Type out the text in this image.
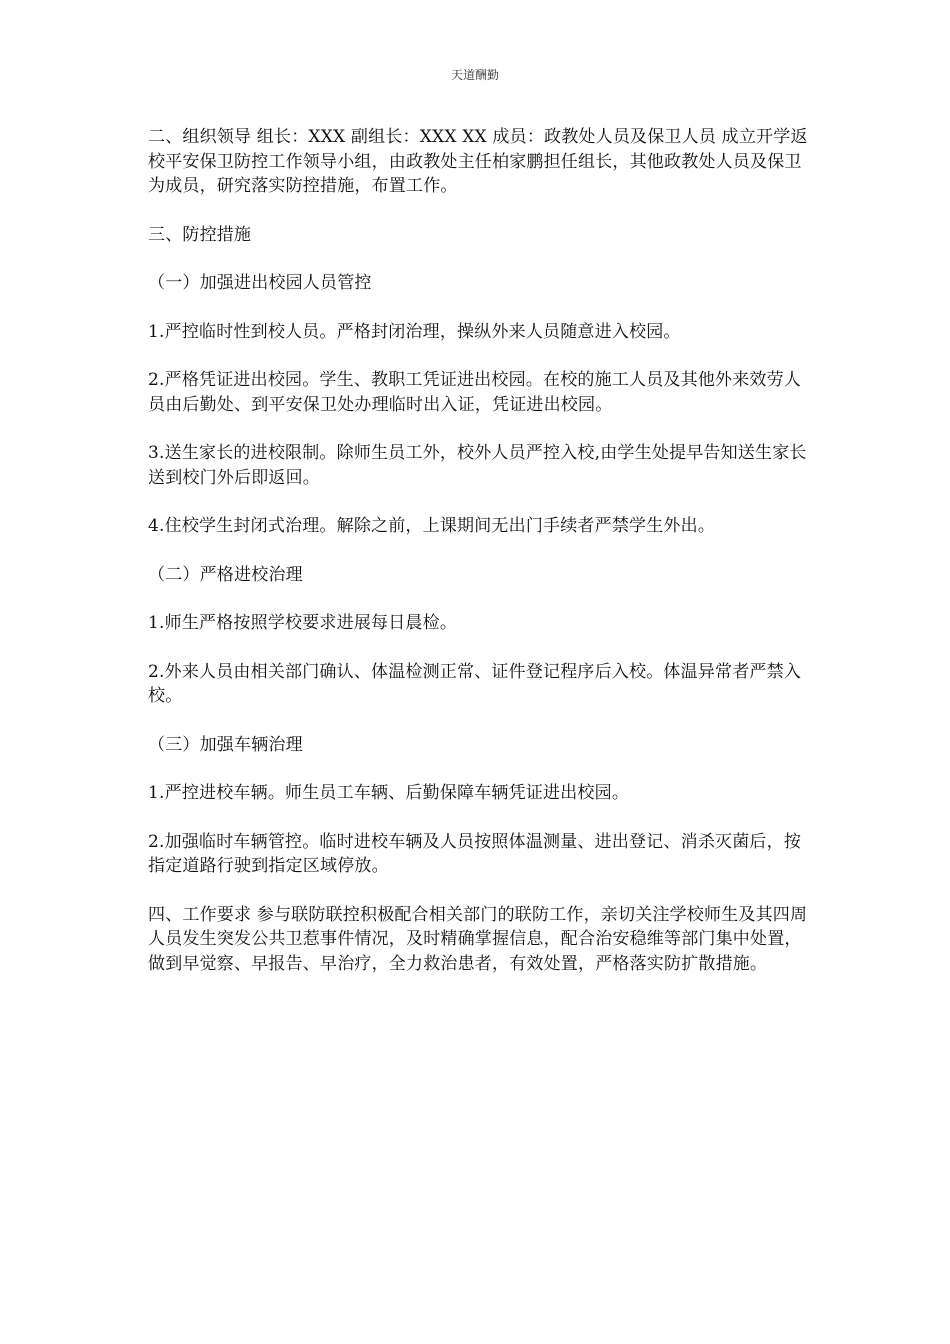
天道酬勤

二、组织领导 组长：XXX 副组长：XXX XX 成员：政教处人员及保卫人员 成立开学返校平安保卫防控工作领导小组，由政教处主任柏家鹏担任组长，其他政教处人员及保卫为成员，研究落实防控措施，布置工作。

三、防控措施

（一）加强进出校园人员管控

1.严控临时性到校人员。严格封闭治理，操纵外来人员随意进入校园。

2.严格凭证进出校园。学生、教职工凭证进出校园。在校的施工人员及其他外来效劳人员由后勤处、到平安保卫处办理临时出入证，凭证进出校园。

3.送生家长的进校限制。除师生员工外，校外人员严控入校,由学生处提早告知送生家长送到校门外后即返回。

4.住校学生封闭式治理。解除之前，上课期间无出门手续者严禁学生外出。

（二）严格进校治理

1.师生严格按照学校要求进展每日晨检。

2.外来人员由相关部门确认、体温检测正常、证件登记程序后入校。体温异常者严禁入校。

（三）加强车辆治理

1.严控进校车辆。师生员工车辆、后勤保障车辆凭证进出校园。

2.加强临时车辆管控。临时进校车辆及人员按照体温测量、进出登记、消杀灭菌后，按指定道路行驶到指定区域停放。

四、工作要求 参与联防联控积极配合相关部门的联防工作，亲切关注学校师生及其四周人员发生突发公共卫惹事件情况，及时精确掌握信息，配合治安稳维等部门集中处置，做到早觉察、早报告、早治疗，全力救治患者，有效处置，严格落实防扩散措施。
